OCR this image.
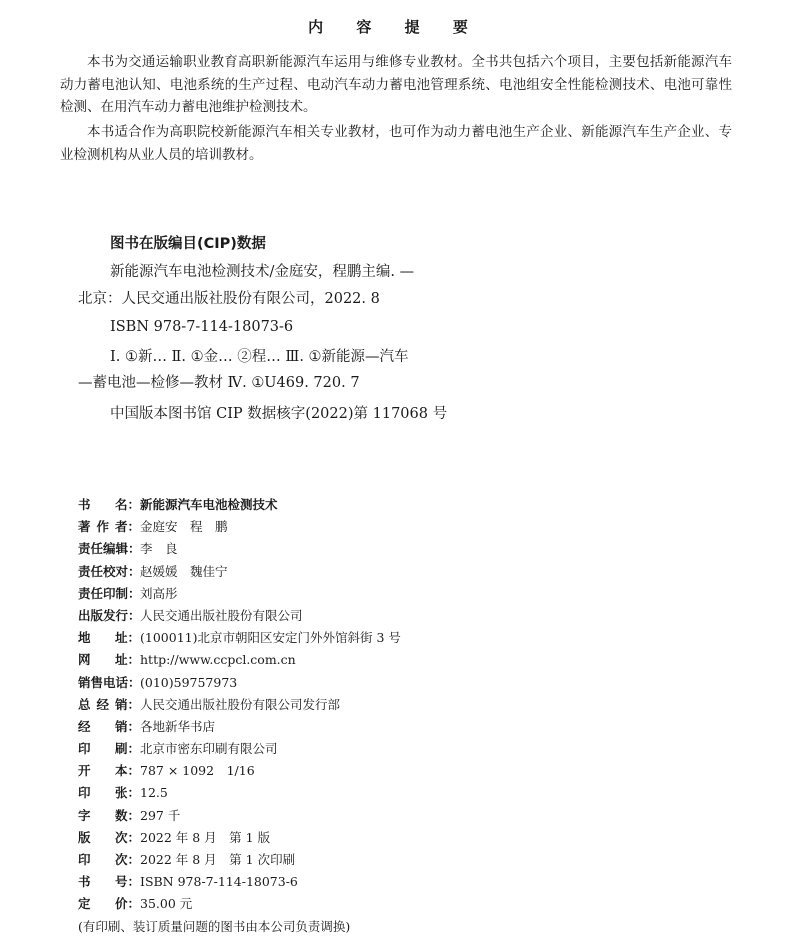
内 容 提 要
本书为交通运输职业教育高职新能源汽车运用与维修专业教材。全书共包括六个项目，主要包括新能源汽车动力蓄电池认知、电池系统的生产过程、电动汽车动力蓄电池管理系统、电池组安全性能检测技术、电池可靠性检测、在用汽车动力蓄电池维护检测技术。
本书适合作为高职院校新能源汽车相关专业教材，也可作为动力蓄电池生产企业、新能源汽车生产企业、专业检测机构从业人员的培训教材。
图书在版编目(CIP)数据
新能源汽车电池检测技术/金庭安，程鹏主编. —
北京：人民交通出版社股份有限公司，2022. 8
ISBN 978-7-114-18073-6
Ⅰ. ①新… Ⅱ. ①金… ②程… Ⅲ. ①新能源—汽车
—蓄电池—检修—教材 Ⅳ. ①U469. 720. 7
中国版本图书馆 CIP 数据核字(2022)第 117068 号
书 名： 新能源汽车电池检测技术
著 作 者： 金庭安　程　鹏
责任编辑： 李　良
责任校对： 赵媛媛　魏佳宁
责任印制： 刘高彤
出版发行： 人民交通出版社股份有限公司
地 址： (100011)北京市朝阳区安定门外外馆斜街 3 号
网 址： http://www.ccpcl.com.cn
销售电话： (010)59757973
总 经 销： 人民交通出版社股份有限公司发行部
经 销： 各地新华书店
印 刷： 北京市密东印刷有限公司
开 本： 787 × 1092　1/16
印 张： 12.5
字 数： 297 千
版 次： 2022 年 8 月　第 1 版
印 次： 2022 年 8 月　第 1 次印刷
书 号： ISBN 978-7-114-18073-6
定 价： 35.00 元
(有印刷、装订质量问题的图书由本公司负责调换)
